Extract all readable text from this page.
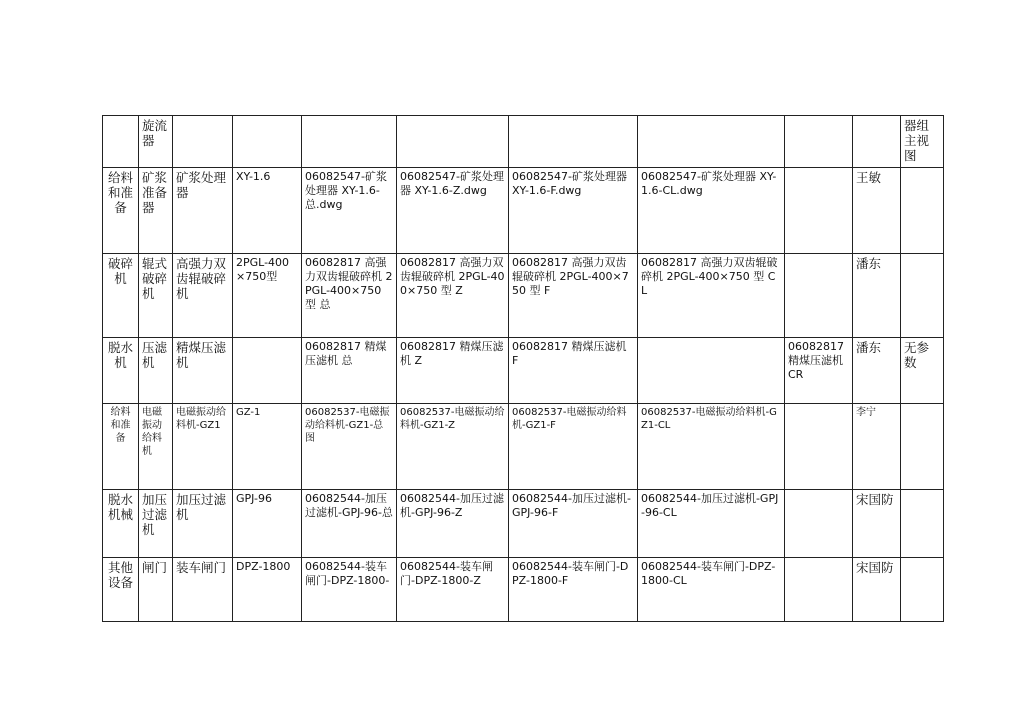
	旋流器									器组主视图
给料和准备	矿浆准备器	矿浆处理器	XY-1.6	06082547-矿浆处理器 XY-1.6-总.dwg	06082547-矿浆处理器 XY-1.6-Z.dwg	06082547-矿浆处理器 XY-1.6-F.dwg	06082547-矿浆处理器 XY-1.6-CL.dwg		王敏	
破碎机	辊式破碎机	高强力双齿辊破碎机	2PGL-400×750型	06082817 高强力双齿辊破碎机 2PGL-400×750 型 总	06082817 高强力双齿辊破碎机 2PGL-400×750 型 Z	06082817 高强力双齿辊破碎机 2PGL-400×750 型 F	06082817 高强力双齿辊破碎机 2PGL-400×750 型 CL		潘东	
脱水机	压滤机	精煤压滤机		06082817 精煤压滤机 总	06082817 精煤压滤机 Z	06082817 精煤压滤机 F		06082817 精煤压滤机 CR	潘东	无参数
给料和准备	电磁振动给料机	电磁振动给料机-GZ1	GZ-1	06082537-电磁振动给料机-GZ1-总图	06082537-电磁振动给料机-GZ1-Z	06082537-电磁振动给料机-GZ1-F	06082537-电磁振动给料机-GZ1-CL		李宁	
脱水机械	加压过滤机	加压过滤机	GPJ-96	06082544-加压过滤机-GPJ-96-总	06082544-加压过滤机-GPJ-96-Z	06082544-加压过滤机-GPJ-96-F	06082544-加压过滤机-GPJ-96-CL		宋国防	
其他设备	闸门	装车闸门	DPZ-1800	06082544-装车闸门-DPZ-1800-	06082544-装车闸门-DPZ-1800-Z	06082544-装车闸门-DPZ-1800-F	06082544-装车闸门-DPZ-1800-CL		宋国防	
